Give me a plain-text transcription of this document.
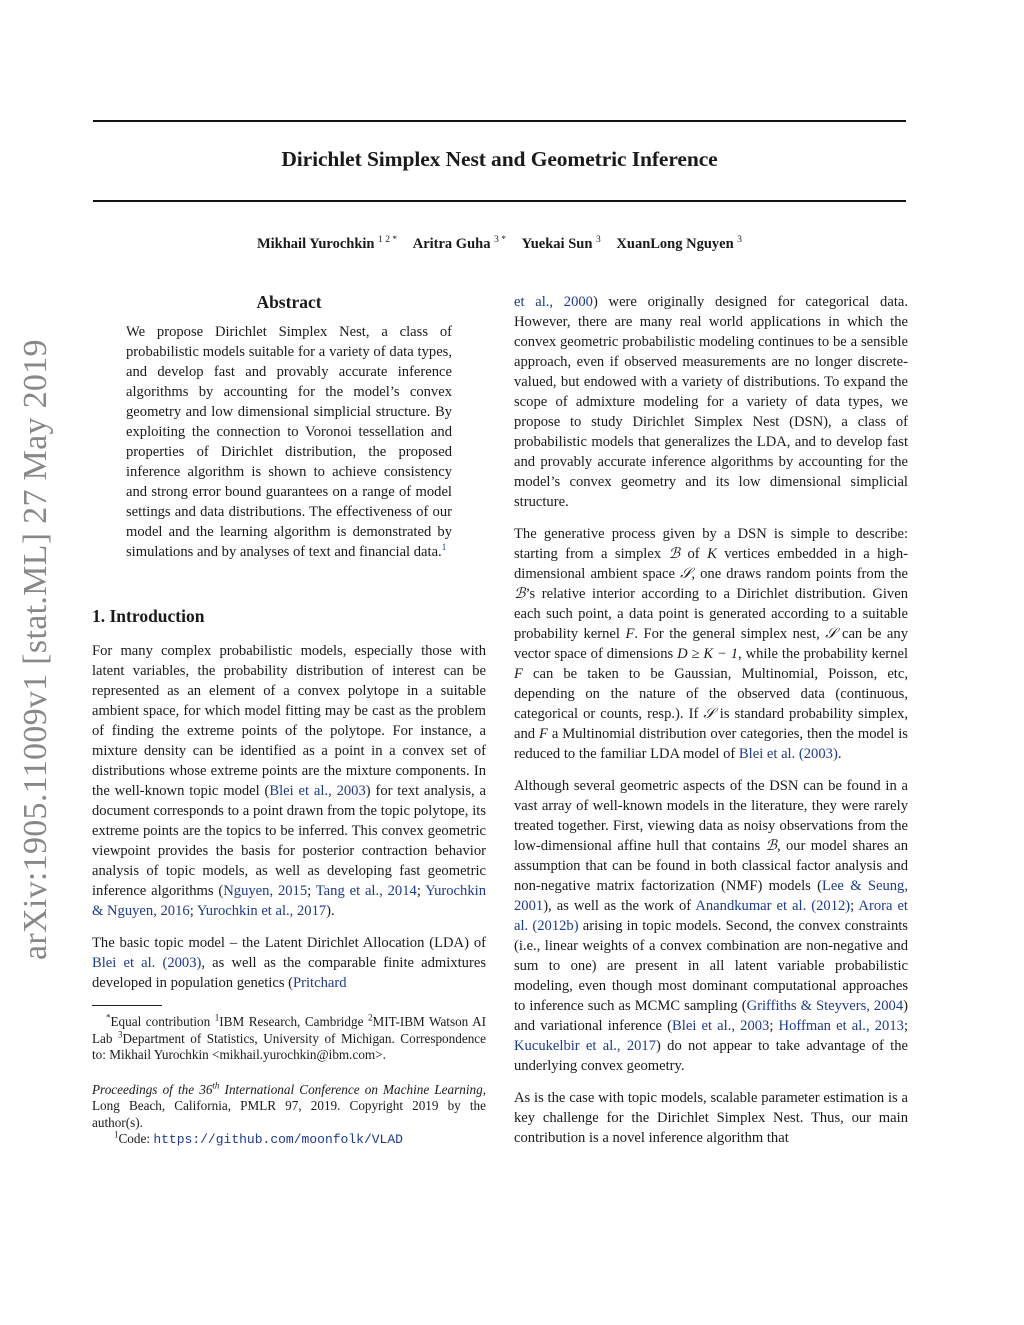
Dirichlet Simplex Nest and Geometric Inference
Mikhail Yurochkin $^{1 2 *}$ Aritra Guha $^{3 *}$ Yuekai Sun $^3$ XuanLong Nguyen $^3$
arXiv:1905.11009v1 [stat.ML] 27 May 2019
Abstract
We propose Dirichlet Simplex Nest, a class of probabilistic models suitable for a variety of data types, and develop fast and provably accurate inference algorithms by accounting for the model’s convex geometry and low dimensional simplicial structure. By exploiting the connection to Voronoi tessellation and properties of Dirichlet distribution, the proposed inference algorithm is shown to achieve consistency and strong error bound guarantees on a range of model settings and data distributions. The effectiveness of our model and the learning algorithm is demonstrated by simulations and by analyses of text and financial data.$^1$
1. Introduction

For many complex probabilistic models, especially those with latent variables, the probability distribution of interest can be represented as an element of a convex polytope in a suitable ambient space, for which model fitting may be cast as the problem of finding the extreme points of the polytope. For instance, a mixture density can be identified as a point in a convex set of distributions whose extreme points are the mixture components. In the well-known topic model (Blei et al., 2003) for text analysis, a document corresponds to a point drawn from the topic polytope, its extreme points are the topics to be inferred. This convex geometric viewpoint provides the basis for posterior contraction behavior analysis of topic models, as well as developing fast geometric inference algorithms (Nguyen, 2015; Tang et al., 2014; Yurochkin & Nguyen, 2016; Yurochkin et al., 2017).

The basic topic model – the Latent Dirichlet Allocation (LDA) of Blei et al. (2003), as well as the comparable finite admixtures developed in population genetics (Pritchard

*Equal contribution $^1$IBM Research, Cambridge $^2$MIT-IBM Watson AI Lab $^3$Department of Statistics, University of Michigan. Correspondence to: Mikhail Yurochkin <mikhail.yurochkin@ibm.com>.

Proceedings of the 36th International Conference on Machine Learning, Long Beach, California, PMLR 97, 2019. Copyright 2019 by the author(s).

$^1$Code: https://github.com/moonfolk/VLAD

et al., 2000) were originally designed for categorical data. However, there are many real world applications in which the convex geometric probabilistic modeling continues to be a sensible approach, even if observed measurements are no longer discrete-valued, but endowed with a variety of distributions. To expand the scope of admixture modeling for a variety of data types, we propose to study Dirichlet Simplex Nest (DSN), a class of probabilistic models that generalizes the LDA, and to develop fast and provably accurate inference algorithms by accounting for the model’s convex geometry and its low dimensional simplicial structure.

The generative process given by a DSN is simple to describe: starting from a simplex ℬ of K vertices embedded in a high-dimensional ambient space 𝒮, one draws random points from the ℬ’s relative interior according to a Dirichlet distribution. Given each such point, a data point is generated according to a suitable probability kernel F. For the general simplex nest, 𝒮 can be any vector space of dimensions D ≥ K − 1, while the probability kernel F can be taken to be Gaussian, Multinomial, Poisson, etc, depending on the nature of the observed data (continuous, categorical or counts, resp.). If 𝒮 is standard probability simplex, and F a Multinomial distribution over categories, then the model is reduced to the familiar LDA model of Blei et al. (2003).

Although several geometric aspects of the DSN can be found in a vast array of well-known models in the literature, they were rarely treated together. First, viewing data as noisy observations from the low-dimensional affine hull that contains ℬ, our model shares an assumption that can be found in both classical factor analysis and non-negative matrix factorization (NMF) models (Lee & Seung, 2001), as well as the work of Anandkumar et al. (2012); Arora et al. (2012b) arising in topic models. Second, the convex constraints (i.e., linear weights of a convex combination are non-negative and sum to one) are present in all latent variable probabilistic modeling, even though most dominant computational approaches to inference such as MCMC sampling (Griffiths & Steyvers, 2004) and variational inference (Blei et al., 2003; Hoffman et al., 2013; Kucukelbir et al., 2017) do not appear to take advantage of the underlying convex geometry.

As is the case with topic models, scalable parameter estimation is a key challenge for the Dirichlet Simplex Nest. Thus, our main contribution is a novel inference algorithm that
